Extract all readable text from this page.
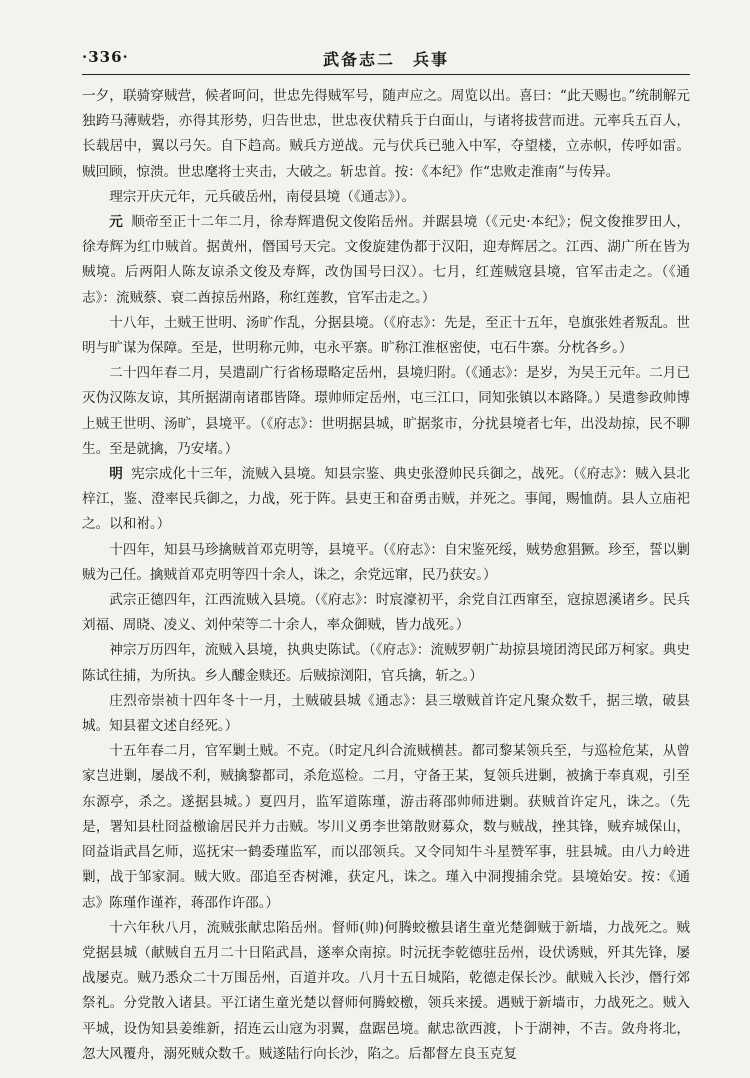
·336·	武备志二　兵事

一夕，联骑穿贼营，候者呵问，世忠先得贼军号，随声应之。周览以出。喜曰：“此天赐也。”统制解元独跨马薄贼砦，亦得其形势，归告世忠，世忠夜伏精兵于白面山，与诸将拔营而进。元率兵五百人，长载居中，翼以弓矢。自下趋高。贼兵方逆战。元与伏兵已驰入中军，夺望楼，立赤帜，传呼如雷。贼回顾，惊溃。世忠麾将士夹击，大破之。斩忠首。按：《本纪》作“忠败走淮南”与传异。

理宗开庆元年，元兵破岳州，南侵县境（《通志》）。

元 顺帝至正十二年二月，徐寿辉遣倪文俊陷岳州。并踞县境（《元史·本纪》；倪文俊推罗田人，徐寿辉为红巾贼首。据黄州，僭国号天完。文俊旋建伪都于汉阳，迎寿辉居之。江西、湖广所在皆为贼境。后两阳人陈友谅杀文俊及寿辉，改伪国号曰汉）。七月，红莲贼寇县境，官军击走之。（《通志》：流贼蔡、衰二酋掠岳州路，称红莲教，官军击走之。）

十八年，土贼王世明、汤旷作乱，分据县境。（《府志》：先是，至正十五年，皂旗张姓者叛乱。世明与旷谋为保障。至是，世明称元帅，屯永平寨。旷称江淮枢密使，屯石牛寨。分枕各乡。）

二十四年春二月，吴遣副广行省杨璟略定岳州，县境归附。（《通志》：是岁，为吴王元年。二月已灭伪汉陈友谅，其所据湖南诸郡皆降。璟帅师定岳州，屯三江口，同知张镇以本路降。）吴遣参政帅博上贼王世明、汤旷，县境平。（《府志》：世明据县城，旷据浆市，分扰县境者七年，出没劫掠，民不聊生。至是就擒，乃安堵。）

明 宪宗成化十三年，流贼入县境。知县宗鉴、典史张澄帅民兵御之，战死。（《府志》：贼入县北梓江，鉴、澄率民兵御之，力战，死于阵。县吏王和奋勇击贼，并死之。事闻，赐恤荫。县人立庙祀之。以和祔。）

十四年，知县马珍擒贼首邓克明等，县境平。（《府志》：自宋鉴死绥，贼势愈猖獗。珍至，誓以剿贼为己任。擒贼首邓克明等四十余人，诛之，余党远窜，民乃获安。）

武宗正德四年，江西流贼入县境。（《府志》：时宸濠初平，余党自江西窜至，寇掠恩溪诸乡。民兵刘福、周晓、凌义、刘仲荣等二十余人，率众御贼，皆力战死。）

神宗万历四年，流贼入县境，执典史陈试。（《府志》：流贼罗朝广劫掠县境团湾民邱万柯家。典史陈试往捕，为所执。乡人醵金赎还。后贼掠浏阳，官兵擒，斩之。）

庄烈帝崇祯十四年冬十一月，土贼破县城《通志》：县三墩贼首许定凡聚众数千，据三墩，破县城。知县翟文述自经死。）

十五年春二月，官军剿土贼。不克。（时定凡纠合流贼横甚。都司黎某领兵至，与巡检危某，从曾家岂进剿，屡战不利，贼擒黎都司，杀危巡检。二月，守备王某，复领兵进剿，被擒于奉真观，引至东源亭，杀之。遂据县城。）夏四月，监军道陈瑾，游击蒋邵帅师进剿。获贼首许定凡，诛之。（先是，署知县杜冏益檄谕居民并力击贼。岑川义勇李世第散财募众，数与贼战，挫其锋，贼弃城保山，冏益诣武昌乞师，巡抚宋一鹤委瑾监军，而以邵领兵。又令同知牛斗星赞军事，驻县城。由八力岭进剿，战于邹家洞。贼大败。邵追至杏树滩，获定凡，诛之。瑾入中洞搜捕余党。县境始安。按：《通志》陈瑾作谨祚，蒋邵作许邵。）

十六年秋八月，流贼张献忠陷岳州。督师(帅)何腾蛟檄县诸生童光楚御贼于新墙，力战死之。贼党据县城（献贼自五月二十日陷武昌，遂率众南掠。时沅抚李乾德驻岳州，设伏诱贼，歼其先锋，屡战屡克。贼乃悉众二十万围岳州，百道并攻。八月十五日城陷，乾德走保长沙。献贼入长沙，僭行郊祭礼。分党散入诸县。平江诸生童光楚以督师何腾蛟檄，领兵来援。遇贼于新墙市，力战死之。贼入平城，设伪知县姜维新，招连云山寇为羽翼，盘踞邑境。献忠欲西渡，卜于湖神，不吉。敛舟将北，忽大风覆舟，溺死贼众数千。贼遂陆行向长沙，陷之。后都督左良玉克复
